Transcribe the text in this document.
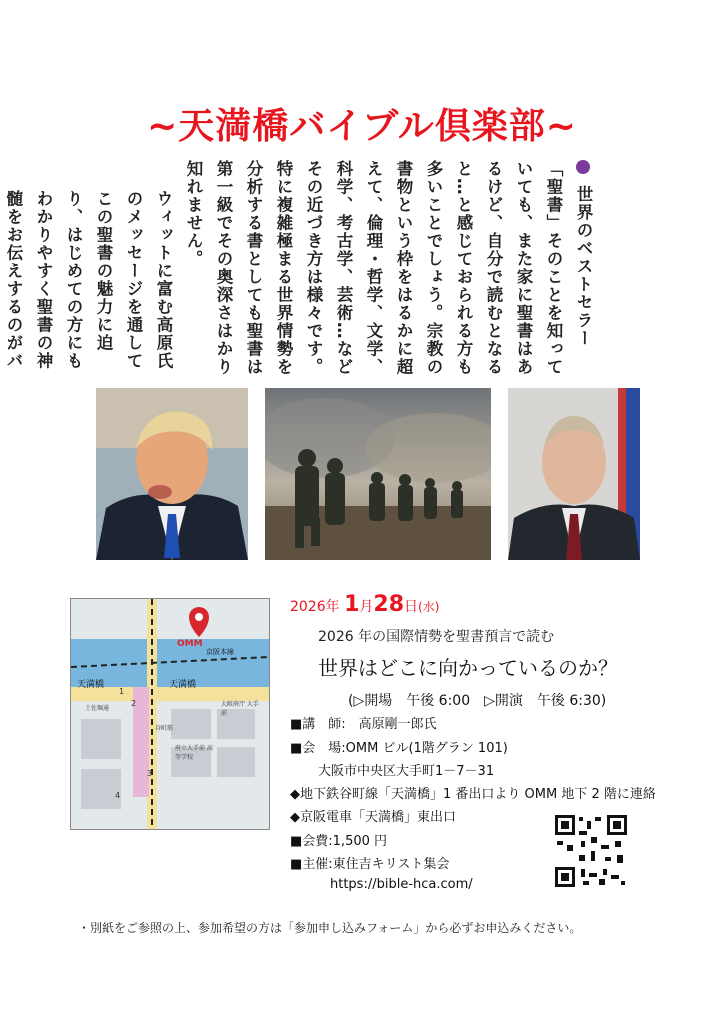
~天満橋バイブル倶楽部~

世界のベストセラー「聖書」そのことを知っていても、また家に聖書はあるけど、自分で読むとなると…と感じておられる方も多いことでしょう。宗教の書物という枠をはるかに超えて、倫理・哲学、文学、科学、考古学、芸術…などその近づき方は様々です。特に複雑極まる世界情勢を分析する書としても聖書は第一級でその奥深さはかり知れません。

ウィットに富む高原氏のメッセージを通してこの聖書の魅力に迫り、はじめての方にもわかりやすく聖書の神髄をお伝えするのがバ

OMM
天満橋	天満橋
京阪本線
土佐堀通
大阪府庁 大手前
府立大手前 高等学校
谷町筋
1
2
3
4
2026年 1月28日(水)
2026 年の国際情勢を聖書預言で読む
世界はどこに向かっているのか？
(▷開場　午後 6:00　▷開演　午後 6:30)
■講　師:　高原剛一郎氏
■会　場:OMM ビル(1階グラン 101)
大阪市中央区大手町1－7－31
◆地下鉄谷町線「天満橋」1 番出口より OMM 地下 2 階に連絡
◆京阪電車「天満橋」東出口
■会費:1,500 円
■主催:東住吉キリスト集会
https://bible-hca.com/
・別紙をご参照の上、参加希望の方は「参加申し込みフォーム」から必ずお申込みください。
